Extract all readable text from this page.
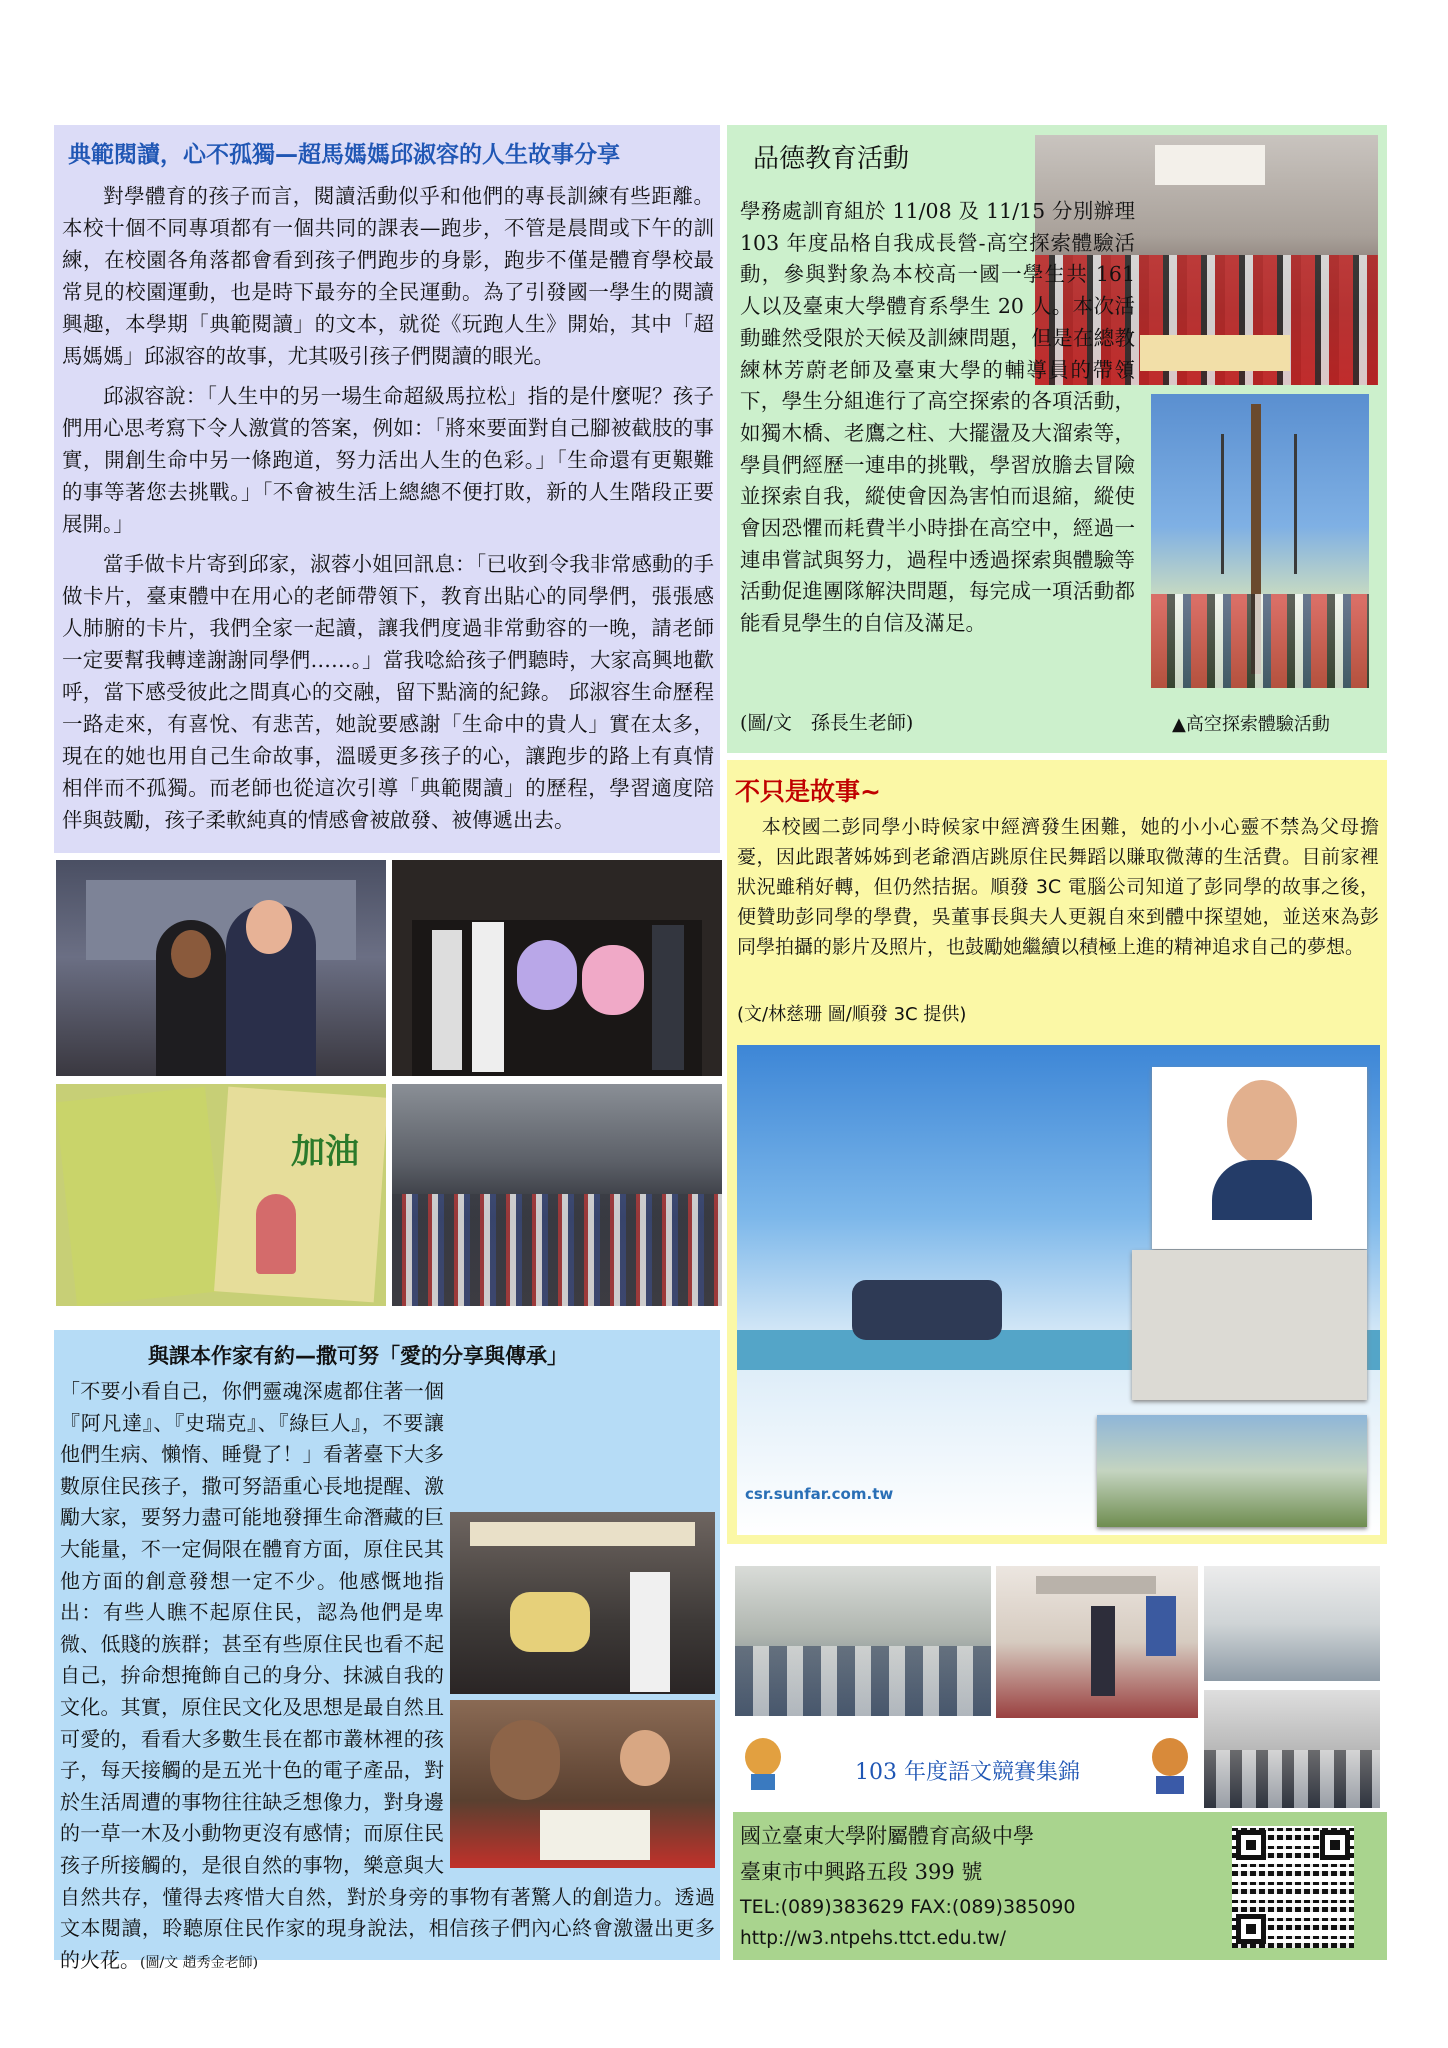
典範閱讀，心不孤獨—超馬媽媽邱淑容的人生故事分享

對學體育的孩子而言，閱讀活動似乎和他們的專長訓練有些距離。本校十個不同專項都有一個共同的課表—跑步，不管是晨間或下午的訓練，在校園各角落都會看到孩子們跑步的身影，跑步不僅是體育學校最常見的校園運動，也是時下最夯的全民運動。為了引發國一學生的閱讀興趣，本學期「典範閱讀」的文本，就從《玩跑人生》開始，其中「超馬媽媽」邱淑容的故事，尤其吸引孩子們閱讀的眼光。

邱淑容說：「人生中的另一場生命超級馬拉松」指的是什麼呢？孩子們用心思考寫下令人激賞的答案，例如：「將來要面對自己腳被截肢的事實，開創生命中另一條跑道，努力活出人生的色彩。」「生命還有更艱難的事等著您去挑戰。」「不會被生活上總總不便打敗，新的人生階段正要展開。」

當手做卡片寄到邱家，淑蓉小姐回訊息：「已收到令我非常感動的手做卡片，臺東體中在用心的老師帶領下，教育出貼心的同學們，張張感人肺腑的卡片，我們全家一起讀，讓我們度過非常動容的一晚，請老師一定要幫我轉達謝謝同學們……。」當我唸給孩子們聽時，大家高興地歡呼，當下感受彼此之間真心的交融，留下點滴的紀錄。 邱淑容生命歷程一路走來，有喜悅、有悲苦，她說要感謝「生命中的貴人」實在太多，現在的她也用自己生命故事，溫暖更多孩子的心，讓跑步的路上有真情相伴而不孤獨。而老師也從這次引導「典範閱讀」的歷程，學習適度陪伴與鼓勵，孩子柔軟純真的情感會被啟發、被傳遞出去。

加油
品德教育活動
學務處訓育組於 11/08 及 11/15 分別辦理 103 年度品格自我成長營-高空探索體驗活動，參與對象為本校高一國一學生共 161 人以及臺東大學體育系學生 20 人。本次活動雖然受限於天候及訓練問題，但是在總教練林芳蔚老師及臺東大學的輔導員的帶領下，學生分組進行了高空探索的各項活動，如獨木橋、老鷹之柱、大擺盪及大溜索等，學員們經歷一連串的挑戰，學習放膽去冒險並探索自我，縱使會因為害怕而退縮，縱使會因恐懼而耗費半小時掛在高空中，經過一連串嘗試與努力，過程中透過探索與體驗等活動促進團隊解決問題，每完成一項活動都能看見學生的自信及滿足。
(圖/文　孫長生老師)	▲高空探索體驗活動
不只是故事~
本校國二彭同學小時候家中經濟發生困難，她的小小心靈不禁為父母擔憂，因此跟著姊姊到老爺酒店跳原住民舞蹈以賺取微薄的生活費。目前家裡狀況雖稍好轉，但仍然拮据。順發 3C 電腦公司知道了彭同學的故事之後，便贊助彭同學的學費，吳董事長與夫人更親自來到體中探望她，並送來為彭同學拍攝的影片及照片，也鼓勵她繼續以積極上進的精神追求自己的夢想。
(文/林慈珊 圖/順發 3C 提供)
csr.sunfar.com.tw
與課本作家有約—撒可努「愛的分享與傳承」
「不要小看自己，你們靈魂深處都住著一個『阿凡達』、『史瑞克』、『綠巨人』，不要讓他們生病、懶惰、睡覺了！」看著臺下大多數原住民孩子，撒可努語重心長地提醒、激勵大家，要努力盡可能地發揮生命潛藏的巨大能量，不一定侷限在體育方面，原住民其他方面的創意發想一定不少。他感慨地指出：有些人瞧不起原住民，認為他們是卑微、低賤的族群；甚至有些原住民也看不起自己，拚命想掩飾自己的身分、抹滅自我的文化。其實，原住民文化及思想是最自然且可愛的，看看大多數生長在都市叢林裡的孩子，每天接觸的是五光十色的電子產品，對於生活周遭的事物往往缺乏想像力，對身邊的一草一木及小動物更沒有感情；而原住民孩子所接觸的，是很自然的事物，樂意與大自然共存，懂得去疼惜大自然，對於身旁的事物有著驚人的創造力。透過文本閱讀，聆聽原住民作家的現身說法，相信孩子們內心終會激盪出更多的火花。(圖/文 趙秀金老師)
103 年度語文競賽集錦
國立臺東大學附屬體育高級中學
臺東市中興路五段 399 號
TEL:(089)383629 FAX:(089)385090
http://w3.ntpehs.ttct.edu.tw/
